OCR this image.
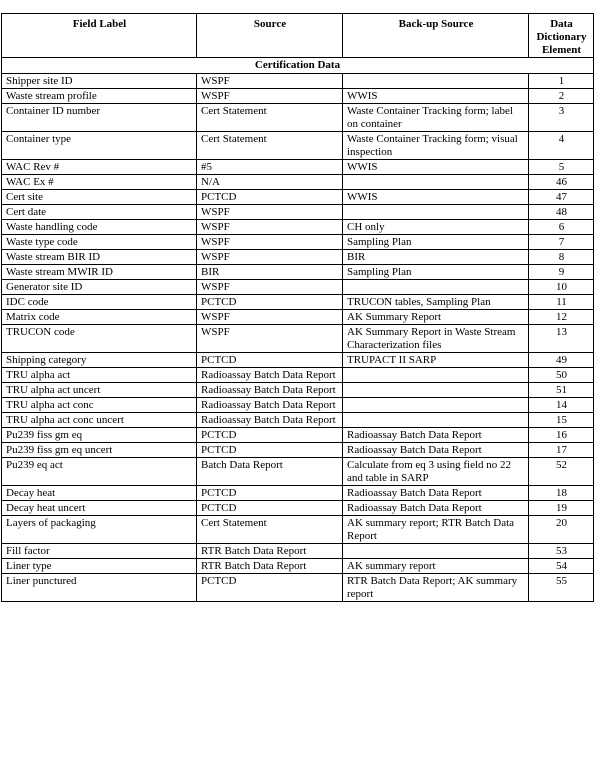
Field Label	Source	Back-up Source	Data Dictionary Element
Certification Data			
Shipper site ID	WSPF		1
Waste stream profile	WSPF	WWIS	2
Container ID number	Cert Statement	Waste Container Tracking form; label on container	3
Container type	Cert Statement	Waste Container Tracking form; visual inspection	4
WAC Rev #	#5	WWIS	5
WAC Ex #	N/A		46
Cert site	PCTCD	WWIS	47
Cert date	WSPF		48
Waste handling code	WSPF	CH only	6
Waste type code	WSPF	Sampling Plan	7
Waste stream BIR ID	WSPF	BIR	8
Waste stream MWIR ID	BIR	Sampling Plan	9
Generator site ID	WSPF		10
IDC code	PCTCD	TRUCON tables, Sampling Plan	11
Matrix code	WSPF	AK Summary Report	12
TRUCON code	WSPF	AK Summary Report in Waste Stream Characterization files	13
Shipping category	PCTCD	TRUPACT II SARP	49
TRU alpha act	Radioassay Batch Data Report		50
TRU alpha act uncert	Radioassay Batch Data Report		51
TRU alpha act conc	Radioassay Batch Data Report		14
TRU alpha act conc uncert	Radioassay Batch Data Report		15
Pu239 fiss gm eq	PCTCD	Radioassay Batch Data Report	16
Pu239 fiss gm eq uncert	PCTCD	Radioassay Batch Data Report	17
Pu239 eq act	Batch Data Report	Calculate from eq 3 using field no 22 and table in SARP	52
Decay heat	PCTCD	Radioassay Batch Data Report	18
Decay heat uncert	PCTCD	Radioassay Batch Data Report	19
Layers of packaging	Cert Statement	AK summary report; RTR Batch Data Report	20
Fill factor	RTR Batch Data Report		53
Liner type	RTR Batch Data Report	AK summary report	54
Liner punctured	PCTCD	RTR Batch Data Report; AK summary report	55
